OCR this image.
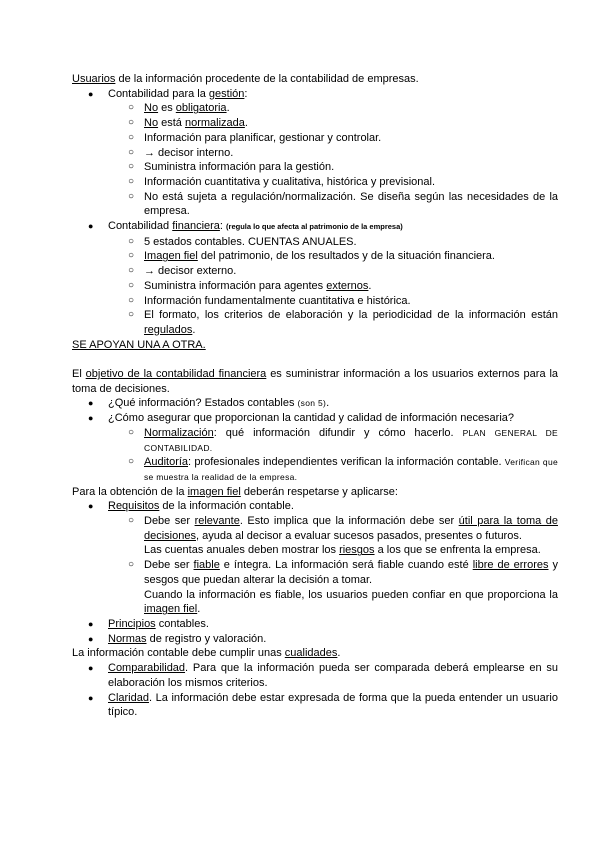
Usuarios de la información procedente de la contabilidad de empresas.
● Contabilidad para la gestión:
○ No es obligatoria.
○ No está normalizada.
○ Información para planificar, gestionar y controlar.
○ → decisor interno.
○ Suministra información para la gestión.
○ Información cuantitativa y cualitativa, histórica y previsional.
○ No está sujeta a regulación/normalización. Se diseña según las necesidades de la empresa.
● Contabilidad financiera: (regula lo que afecta al patrimonio de la empresa)
○ 5 estados contables. CUENTAS ANUALES.
○ Imagen fiel del patrimonio, de los resultados y de la situación financiera.
○ → decisor externo.
○ Suministra información para agentes externos.
○ Información fundamentalmente cuantitativa e histórica.
○ El formato, los criterios de elaboración y la periodicidad de la información están regulados.
SE APOYAN UNA A OTRA.
El objetivo de la contabilidad financiera es suministrar información a los usuarios externos para la toma de decisiones.
● ¿Qué información? Estados contables (son 5).
● ¿Cómo asegurar que proporcionan la cantidad y calidad de información necesaria?
○ Normalización: qué información difundir y cómo hacerlo. PLAN GENERAL DE CONTABILIDAD.
○ Auditoría: profesionales independientes verifican la información contable. Verifican que se muestra la realidad de la empresa.
Para la obtención de la imagen fiel deberán respetarse y aplicarse:
● Requisitos de la información contable.
○ Debe ser relevante. Esto implica que la información debe ser útil para la toma de decisiones, ayuda al decisor a evaluar sucesos pasados, presentes o futuros.
Las cuentas anuales deben mostrar los riesgos a los que se enfrenta la empresa.
○ Debe ser fiable e íntegra. La información será fiable cuando esté libre de errores y sesgos que puedan alterar la decisión a tomar.
Cuando la información es fiable, los usuarios pueden confiar en que proporciona la imagen fiel.
● Principios contables.
● Normas de registro y valoración.
La información contable debe cumplir unas cualidades.
● Comparabilidad. Para que la información pueda ser comparada deberá emplearse en su elaboración los mismos criterios.
● Claridad. La información debe estar expresada de forma que la pueda entender un usuario típico.
